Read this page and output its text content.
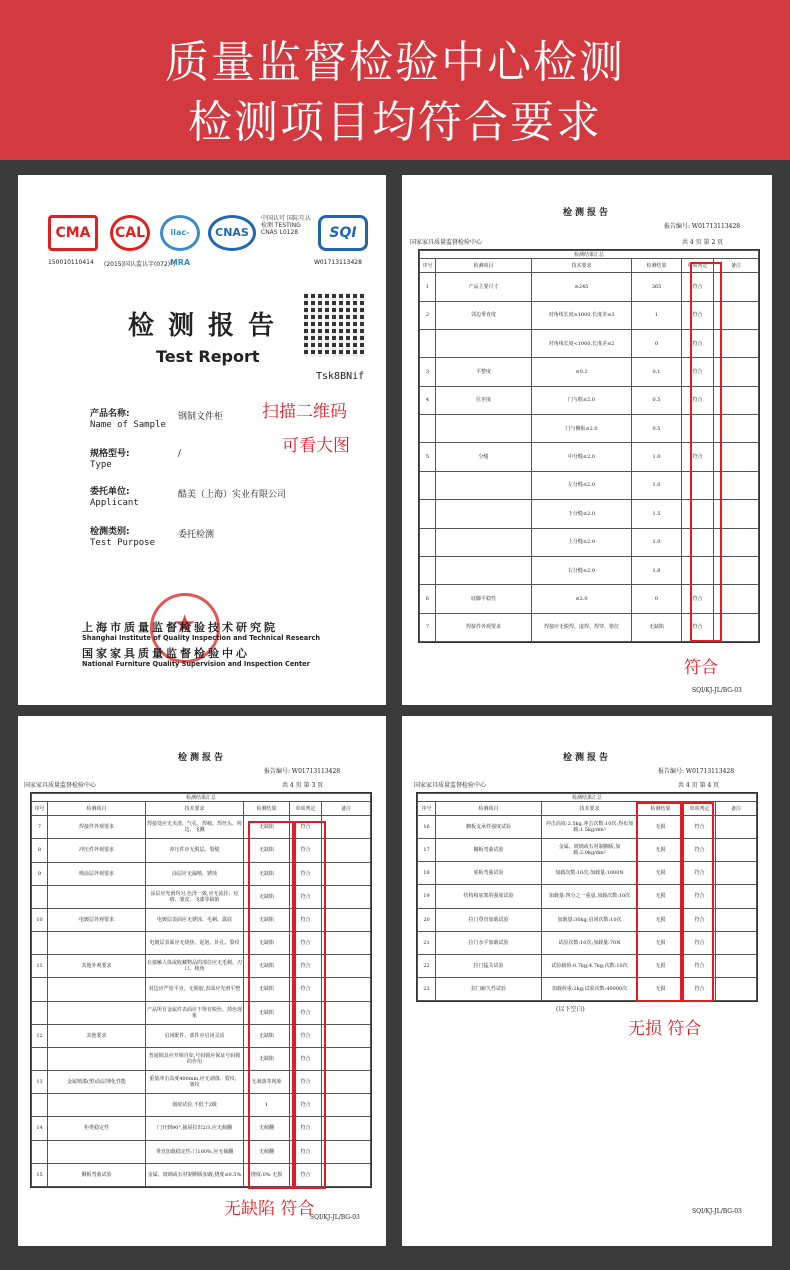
质量监督检验中心检测
检测项目均符合要求
CMA	CAL	ilac-MRA
CNAS
中国认可 国际互认 检测 TESTING CNAS L0128	SQI
150010110414 (2015)国认监认字(072)号	W01713113428
检测报告
Test Report
Tsk8BNif
扫描二维码
可看大图
产品名称:
Name of Sample
钢制文件柜
规格型号:
Type
/
委托单位:
Applicant
酷美（上海）实业有限公司
检测类别:
Test Purpose
委托检测
★
上海市质量监督检验技术研究院
Shanghai Institute of Quality Inspection and Technical Research
国家家具质量监督检验中心
National Furniture Quality Supervision and Inspection Center
检测报告
报告编号: W01713113428
国家家具质量监督检验中心	共 4 页 第 2 页
检测结果汇总					
序号	检测项目	技术要求	检测结果	单项判定	备注
1	产品主要尺寸	≥245	365	符合	
2	邻边垂直度	对角线长度≥1000,长度差≤3	1	符合	
		对角线长度<1000,长度差≤2	0	符合	
3	平整度	≤0.2	0.1	符合	
4	位差度	门与框≤2.0	0.5	符合	
		门与侧板≤2.0	0.5		
5	分缝	中分缝≤2.0	1.0	符合	
		左分缝≤2.0	1.0		
		下分缝≤2.0	1.5		
		上分缝≤2.0	1.0		
		右分缝≤2.0	1.8		
6	底脚平稳性	≤2.0	0	符合	
7	焊接件外观要求	焊接应无脱焊、虚焊、焊穿、错位	无缺陷	符合	
符合
SQI/KJ-JL/BG-03
检测报告
报告编号: W01713113428
国家家具质量监督检验中心	共 4 页 第 3 页
检测结果汇总					
序号	检测项目	技术要求	检测结果	单项判定	备注
7	焊接件外观要求	焊接处应无夹渣、气孔、焊瘤、焊丝头、咬边、飞溅	无缺陷	符合	
8	冲压件外观要求	冲压件应无脱层、裂缝	无缺陷	符合	
9	喷涂层外观要求	涂层应无漏喷、锈蚀	无缺陷	符合	
		涂层应光滑均匀,色泽一致,应无流挂、疙瘩、皱皮、飞漆等缺陷	无缺陷	符合	
10	电镀层外观要求	电镀层表面应无锈蚀、毛刺、露底	无缺陷	符合	
		电镀层表面应无烧焦、起泡、针孔、裂纹	无缺陷	符合	
11	其他外观要求	在接触人体或收藏物品的部位应无毛刺、刃口、棱角	无缺陷	符合	
		封边应严密平直、无脱胶,表面应光滑平整	无缺陷	符合	
		产品所有金属件表面应不得有脱色、掉色现象	无缺陷	符合	
12	其他要求	启闭配件、部件应启闭灵活	无缺陷	符合	
		普通锁具应开锁自如,号码锁应保证号码锁的作用	无缺陷	符合	
13	金属喷漆(塑)涂层理化性能	重量冲击高度400mm,应无剥落、裂纹、皱纹	无剥落等现象	符合	
		划痕试验,不低于2级	1	符合	
14	柜类稳定性	门开到90°,抽屉拉出2/3,应无倾翻	无倾翻	符合	
		垂直加载稳定性:门100%,应无倾翻	无倾翻	符合	
15	侧板弯曲试验	金属、玻璃或石材制侧板加载,挠度≤0.5%	挠度:0% 无损	符合	
无缺陷 符合
SQI/KJ-JL/BG-03
检测报告
报告编号: W01713113428
国家家具质量监督检验中心	共 4 页 第 4 页
检测结果汇总					
序号	检测项目	技术要求	检测结果	单项判定	备注
16	搁板支承件强度试验	冲击高度:2.5kg,冲击次数:10次;均布加载:1.5kg/dm²	无损	符合	
17	搁板弯曲试验	金属、玻璃或石材制搁板,加载:2.0kg/dm²	无损	符合	
18	底板弯曲试验	加载次数:10次;加载量:1000N	无损	符合	
19	结构和底架的强度试验	加载量:四分之一重量,加载次数:10次	无损	符合	
20	拉门垂直加载试验	加载量:30kg;启闭次数:10次	无损	符合	
21	拉门水平加载试验	试验次数:10次;加载量:70N	无损	符合	
22	拉门猛关试验	试验载荷:0.7kg;4.7kg;次数:10次	无损	符合	
23	拉门耐久性试验	加载荷重:2kg;试验次数:40000次	无损	符合	
(以下空白)
无损 符合
SQI/KJ-JL/BG-03
